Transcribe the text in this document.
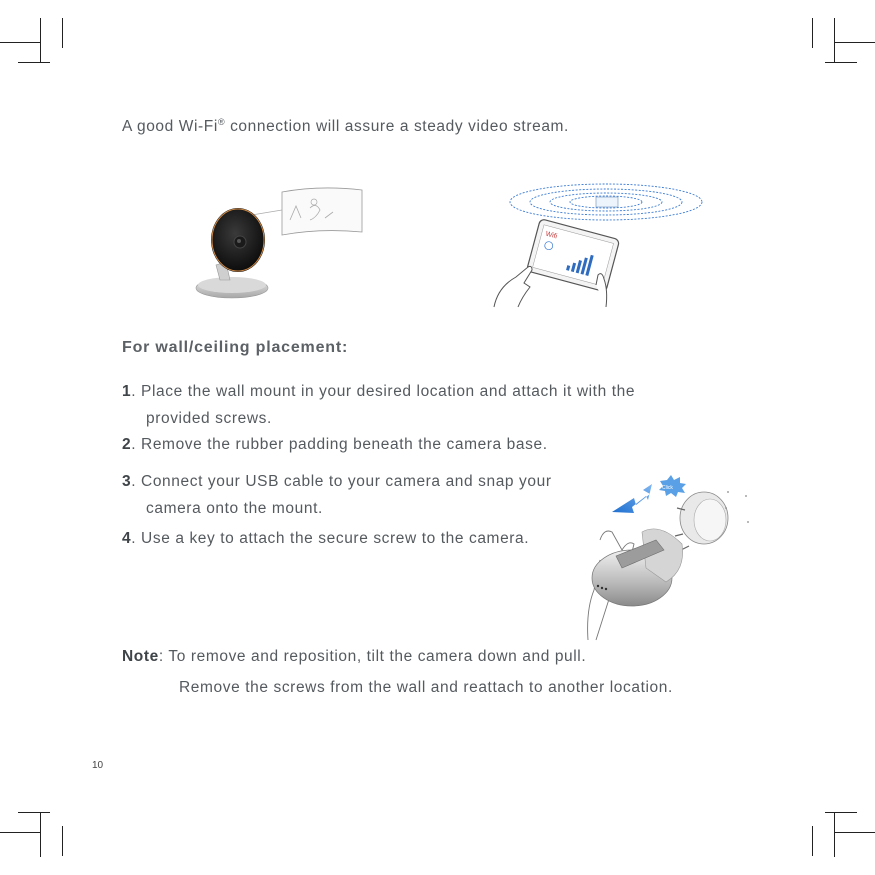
A good Wi-Fi® connection will assure a steady video stream.
Wifi
For wall/ceiling placement:
1. Place the wall mount in your desired location and attach it with the
provided screws.
2. Remove the rubber padding beneath the camera base.
3. Connect your USB cable to your camera and snap your
camera onto the mount.
4. Use a key to attach the secure screw to the camera.
Click
Note: To remove and reposition, tilt the camera down and pull.
Remove the screws from the wall and reattach to another location.
10
